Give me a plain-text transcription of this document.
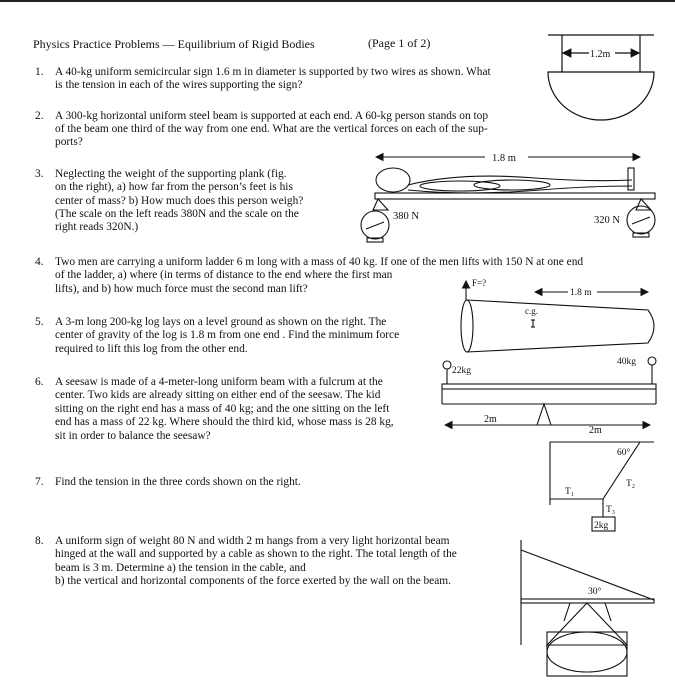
Physics Practice Problems — Equilibrium of Rigid Bodies	(Page 1 of 2)
1. A 40-kg uniform semicircular sign 1.6 m in diameter is supported by two wires as shown. What
is the tension in each of the wires supporting the sign?
2. A 300-kg horizontal uniform steel beam is supported at each end. A 60-kg person stands on top
of the beam one third of the way from one end. What are the vertical forces on each of the sup-
ports?
3. Neglecting the weight of the supporting plank (fig.
on the right), a) how far from the person’s feet is his
center of mass? b) How much does this person weigh?
(The scale on the left reads 380N and the scale on the
right reads 320N.)
4. Two men are carrying a uniform ladder 6 m long with a mass of 40 kg. If one of the men lifts with 150 N at one end
of the ladder, a) where (in terms of distance to the end where the first man
lifts), and b) how much force must the second man lift?
5. A 3-m long 200-kg log lays on a level ground as shown on the right. The
center of gravity of the log is 1.8 m from one end . Find the minimum force
required to lift this log from the other end.
6. A seesaw is made of a 4-meter-long uniform beam with a fulcrum at the
center. Two kids are already sitting on either end of the seesaw. The kid
sitting on the right end has a mass of 40 kg; and the one sitting on the left
end has a mass of 22 kg. Where should the third kid, whose mass is 28 kg,
sit in order to balance the seesaw?
7. Find the tension in the three cords shown on the right.
8. A uniform sign of weight 80 N and width 2 m hangs from a very light horizontal beam
hinged at the wall and supported by a cable as shown to the right. The total length of the
beam is 3 m. Determine a) the tension in the cable, and
b) the vertical and horizontal components of the force exerted by the wall on the beam.
1.2m
1.8 m
380 N	320 N
F=?
1.8 m
c.g.
22kg
40kg
2m
2m
60°
T₁
T₂
T₃
2kg
30°
